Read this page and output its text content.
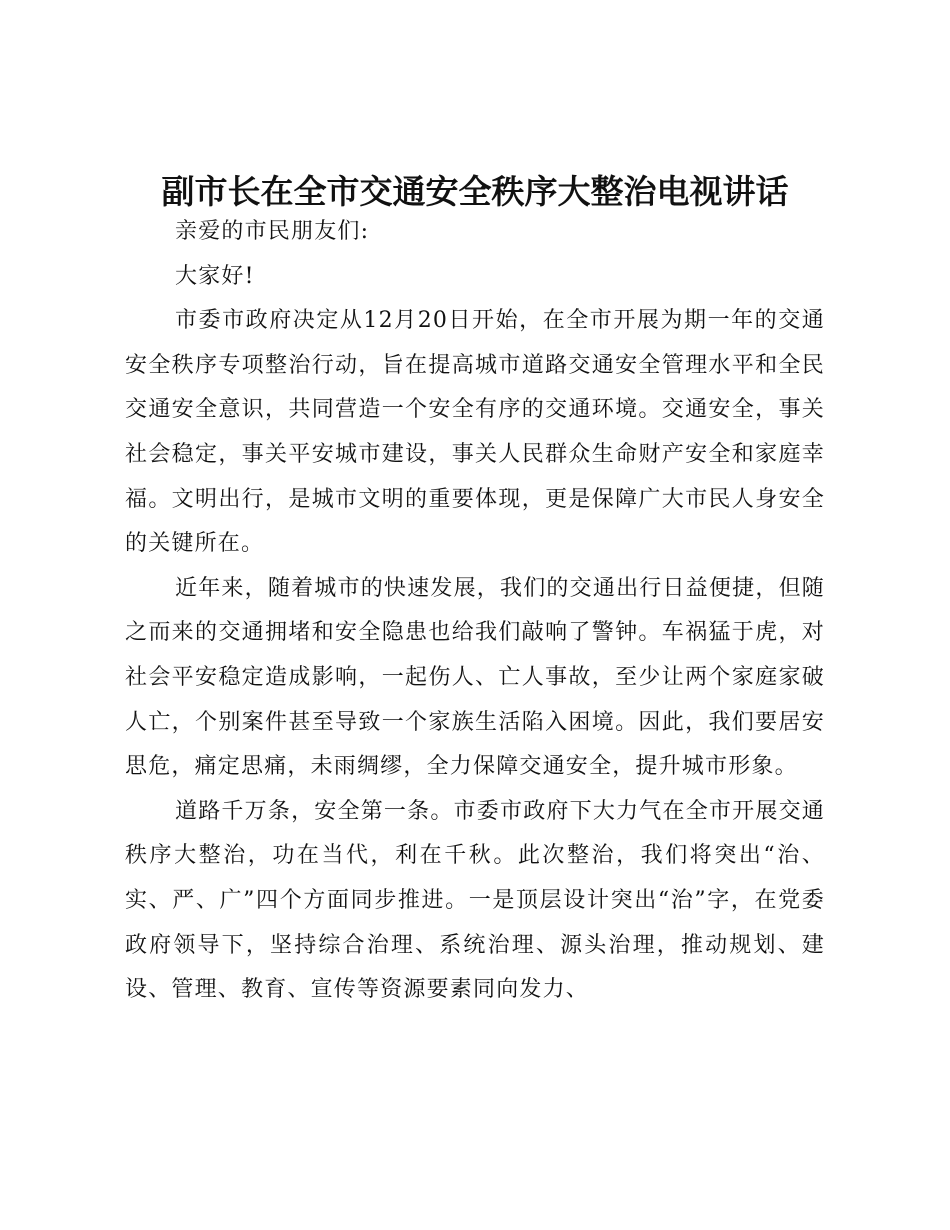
副市长在全市交通安全秩序大整治电视讲话

亲爱的市民朋友们:

大家好!

市委市政府决定从12月20日开始，在全市开展为期一年的交通安全秩序专项整治行动，旨在提高城市道路交通安全管理水平和全民交通安全意识，共同营造一个安全有序的交通环境。交通安全，事关社会稳定，事关平安城市建设，事关人民群众生命财产安全和家庭幸福。文明出行，是城市文明的重要体现，更是保障广大市民人身安全的关键所在。

近年来，随着城市的快速发展，我们的交通出行日益便捷，但随之而来的交通拥堵和安全隐患也给我们敲响了警钟。车祸猛于虎，对社会平安稳定造成影响，一起伤人、亡人事故，至少让两个家庭家破人亡，个别案件甚至导致一个家族生活陷入困境。因此，我们要居安思危，痛定思痛，未雨绸缪，全力保障交通安全，提升城市形象。

道路千万条，安全第一条。市委市政府下大力气在全市开展交通秩序大整治，功在当代，利在千秋。此次整治，我们将突出“治、实、严、广”四个方面同步推进。一是顶层设计突出“治”字，在党委政府领导下，坚持综合治理、系统治理、源头治理，推动规划、建设、管理、教育、宣传等资源要素同向发力、
